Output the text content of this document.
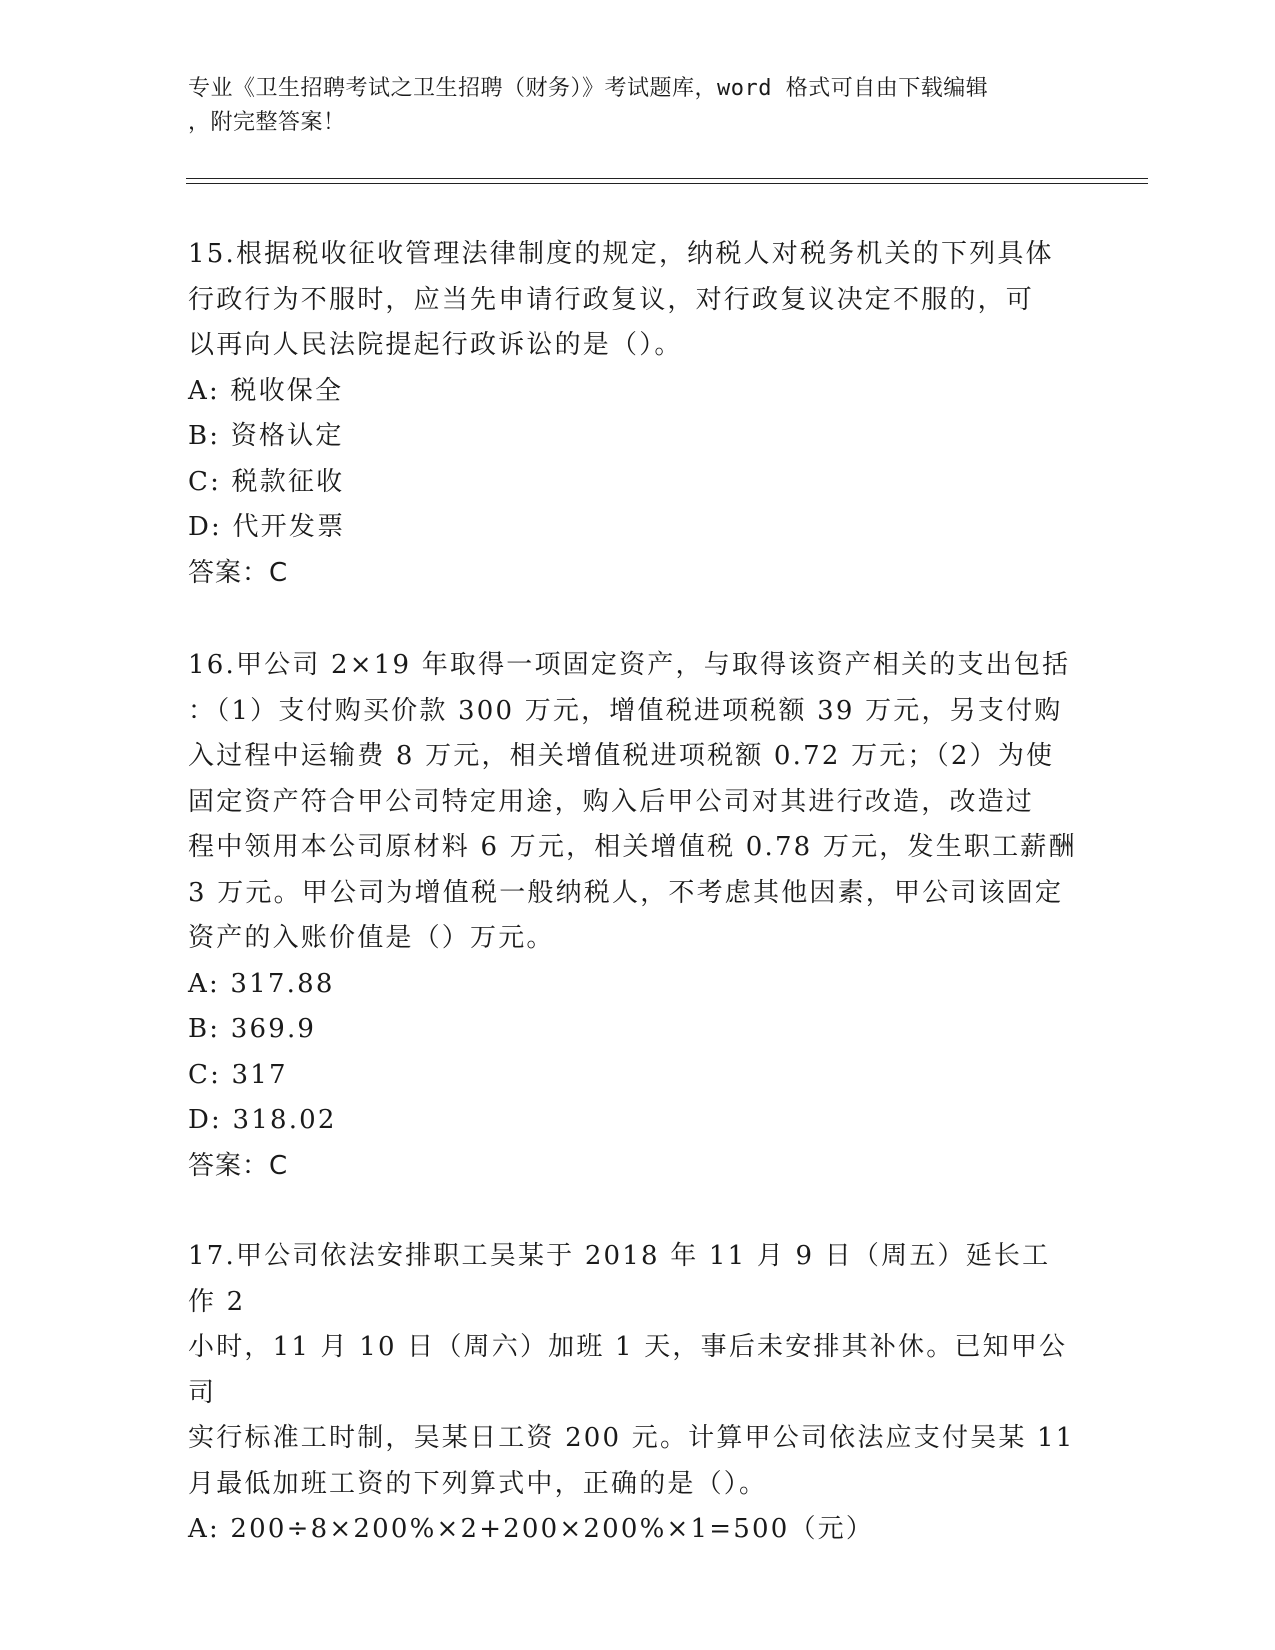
专业《卫生招聘考试之卫生招聘（财务）》考试题库，word 格式可自由下载编辑
，附完整答案！
15.根据税收征收管理法律制度的规定，纳税人对税务机关的下列具体
行政行为不服时，应当先申请行政复议，对行政复议决定不服的，可
以再向人民法院提起行政诉讼的是（）。
A: 税收保全
B: 资格认定
C: 税款征收
D: 代开发票
答案：C
16.甲公司 2×19 年取得一项固定资产，与取得该资产相关的支出包括
：（1）支付购买价款 300 万元，增值税进项税额 39 万元，另支付购
入过程中运输费 8 万元，相关增值税进项税额 0.72 万元；（2）为使
固定资产符合甲公司特定用途，购入后甲公司对其进行改造，改造过
程中领用本公司原材料 6 万元，相关增值税 0.78 万元，发生职工薪酬
3 万元。甲公司为增值税一般纳税人，不考虑其他因素，甲公司该固定
资产的入账价值是（）万元。
A: 317.88
B: 369.9
C: 317
D: 318.02
答案：C
17.甲公司依法安排职工吴某于 2018 年 11 月 9 日（周五）延长工作 2
小时，11 月 10 日（周六）加班 1 天，事后未安排其补休。已知甲公司
实行标准工时制，吴某日工资 200 元。计算甲公司依法应支付吴某 11
月最低加班工资的下列算式中，正确的是（）。
A: 200÷8×200%×2+200×200%×1=500（元）
